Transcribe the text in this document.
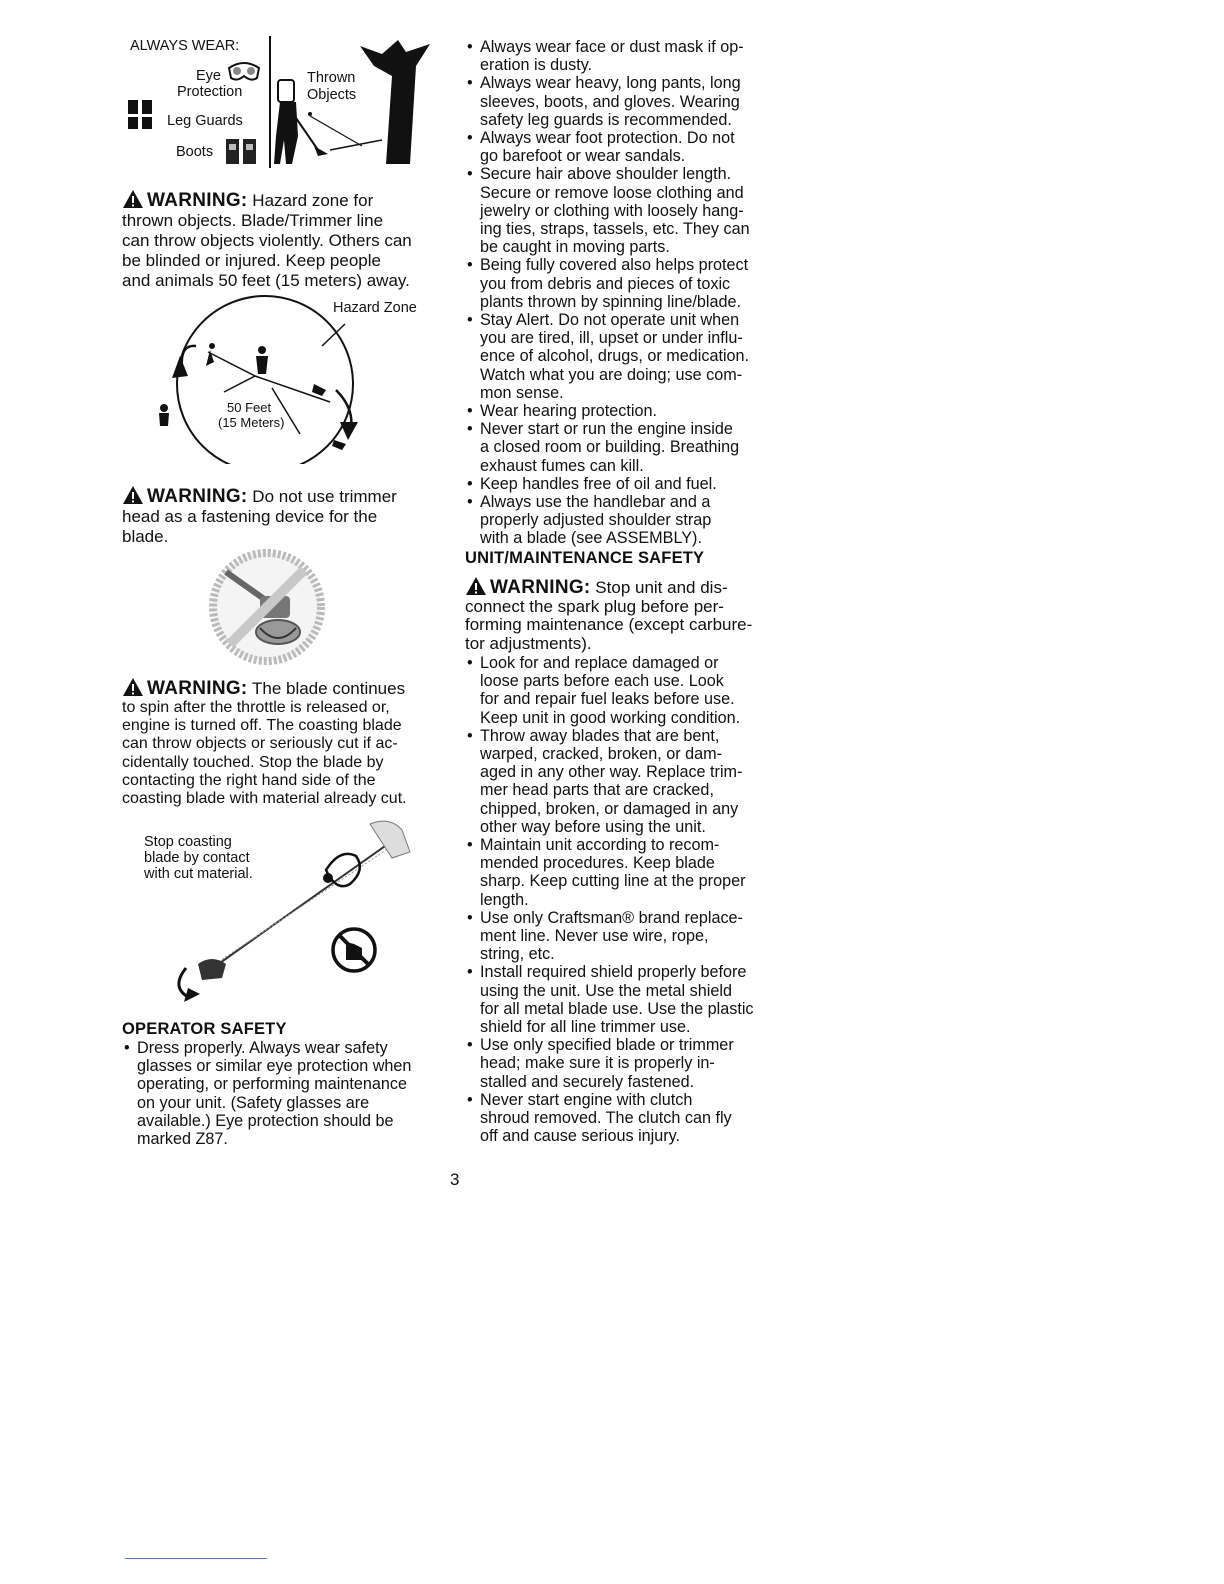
ALWAYS WEAR:
Eye
Protection
Leg Guards
Boots
Thrown
Objects
WARNING: Hazard zone for
thrown objects. Blade/Trimmer line
can throw objects violently. Others can
be blinded or injured. Keep people
and animals 50 feet (15 meters) away.
Hazard Zone
50 Feet
(15 Meters)
WARNING: Do not use trimmer
head as a fastening device for the
blade.
WARNING: The blade continues
to spin after the throttle is released or,
engine is turned off. The coasting blade
can throw objects or seriously cut if ac-
cidentally touched. Stop the blade by
contacting the right hand side of the
coasting blade with material already cut.
Stop coasting
blade by contact
with cut material.
OPERATOR SAFETY
• Dress properly. Always wear safety
glasses or similar eye protection when
operating, or performing maintenance
on your unit. (Safety glasses are
available.) Eye protection should be
marked Z87.
• Always wear face or dust mask if op-
eration is dusty.
• Always wear heavy, long pants, long
sleeves, boots, and gloves. Wearing
safety leg guards is recommended.
• Always wear foot protection. Do not
go barefoot or wear sandals.
• Secure hair above shoulder length.
Secure or remove loose clothing and
jewelry or clothing with loosely hang-
ing ties, straps, tassels, etc. They can
be caught in moving parts.
• Being fully covered also helps protect
you from debris and pieces of toxic
plants thrown by spinning line/blade.
• Stay Alert. Do not operate unit when
you are tired, ill, upset or under influ-
ence of alcohol, drugs, or medication.
Watch what you are doing; use com-
mon sense.
• Wear hearing protection.
• Never start or run the engine inside
a closed room or building. Breathing
exhaust fumes can kill.
• Keep handles free of oil and fuel.
• Always use the handlebar and a
properly adjusted shoulder strap
with a blade (see ASSEMBLY).
UNIT/MAINTENANCE SAFETY
WARNING: Stop unit and dis-
connect the spark plug before per-
forming maintenance (except carbure-
tor adjustments).
• Look for and replace damaged or
loose parts before each use. Look
for and repair fuel leaks before use.
Keep unit in good working condition.
• Throw away blades that are bent,
warped, cracked, broken, or dam-
aged in any other way. Replace trim-
mer head parts that are cracked,
chipped, broken, or damaged in any
other way before using the unit.
• Maintain unit according to recom-
mended procedures. Keep blade
sharp. Keep cutting line at the proper
length.
• Use only Craftsman® brand replace-
ment line. Never use wire, rope,
string, etc.
• Install required shield properly before
using the unit. Use the metal shield
for all metal blade use. Use the plastic
shield for all line trimmer use.
• Use only specified blade or trimmer
head; make sure it is properly in-
stalled and securely fastened.
• Never start engine with clutch
shroud removed. The clutch can fly
off and cause serious injury.
3
